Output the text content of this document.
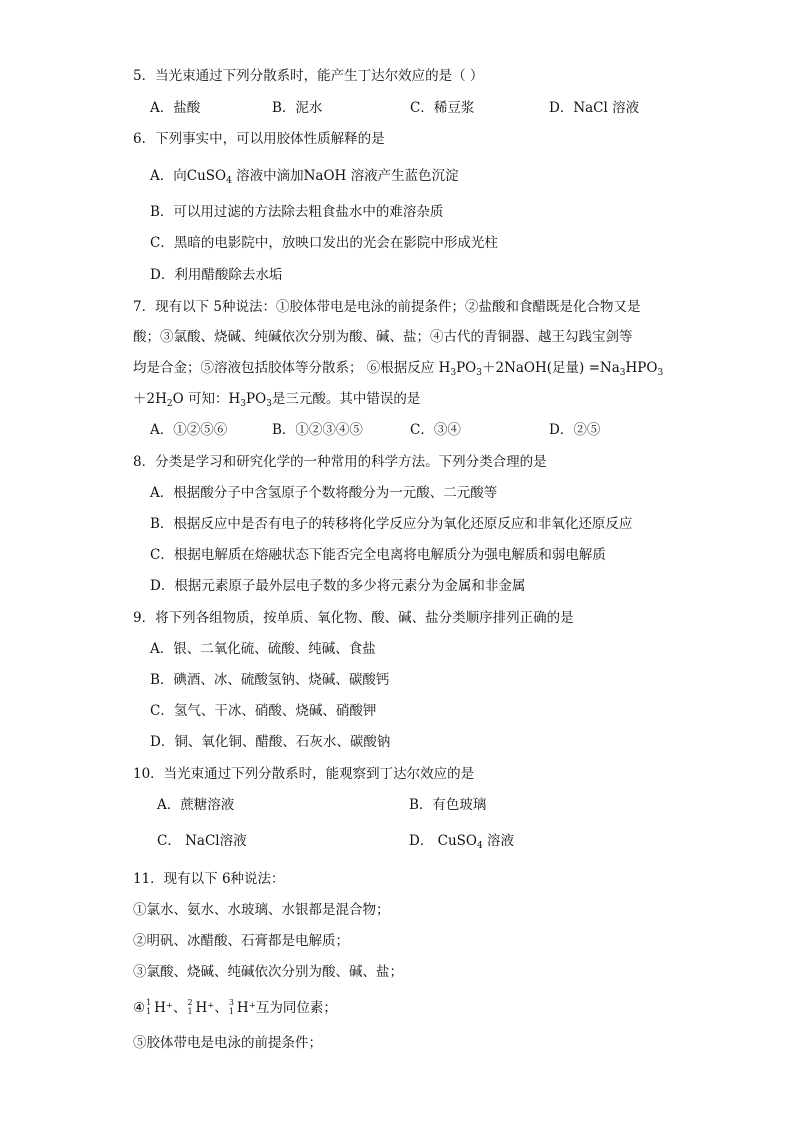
5．当光束通过下列分散系时，能产生丁达尔效应的是（ ）
A．盐酸	B．泥水	C．稀豆浆	D．NaCl 溶液
6．下列事实中，可以用胶体性质解释的是
A．向CuSO$_4$ 溶液中滴加NaOH 溶液产生蓝色沉淀
B．可以用过滤的方法除去粗食盐水中的难溶杂质
C．黑暗的电影院中，放映口发出的光会在影院中形成光柱
D．利用醋酸除去水垢
7．现有以下 5种说法：①胶体带电是电泳的前提条件；②盐酸和食醋既是化合物又是
酸；③氯酸、烧碱、纯碱依次分别为酸、碱、盐；④古代的青铜器、越王勾践宝剑等
均是合金；⑤溶液包括胶体等分散系； ⑥根据反应 $H_3PO_3+2NaOH$(足量) $=Na_3HPO_3$
$+2H_2O$ 可知：$H_3PO_3$是三元酸。其中错误的是
A．①②⑤⑥	B．①②③④⑤	C．③④	D．②⑤
8．分类是学习和研究化学的一种常用的科学方法。下列分类合理的是
A．根据酸分子中含氢原子个数将酸分为一元酸、二元酸等
B．根据反应中是否有电子的转移将化学反应分为氧化还原反应和非氧化还原反应
C．根据电解质在熔融状态下能否完全电离将电解质分为强电解质和弱电解质
D．根据元素原子最外层电子数的多少将元素分为金属和非金属
9．将下列各组物质，按单质、氧化物、酸、碱、盐分类顺序排列正确的是
A．银、二氧化硫、硫酸、纯碱、食盐
B．碘酒、冰、硫酸氢钠、烧碱、碳酸钙
C．氢气、干冰、硝酸、烧碱、硝酸钾
D．铜、氧化铜、醋酸、石灰水、碳酸钠
10．当光束通过下列分散系时，能观察到丁达尔效应的是
A．蔗糖溶液	B．有色玻璃
C． NaCl溶液	D． CuSO$_4$ 溶液
11．现有以下 6种说法：
①氯水、氨水、水玻璃、水银都是混合物；
②明矾、冰醋酸、石膏都是电解质；
③氯酸、烧碱、纯碱依次分别为酸、碱、盐；
④ 1
1 H⁺、 2
1 H⁺、 3
1 H⁺互为同位素；
⑤胶体带电是电泳的前提条件；
